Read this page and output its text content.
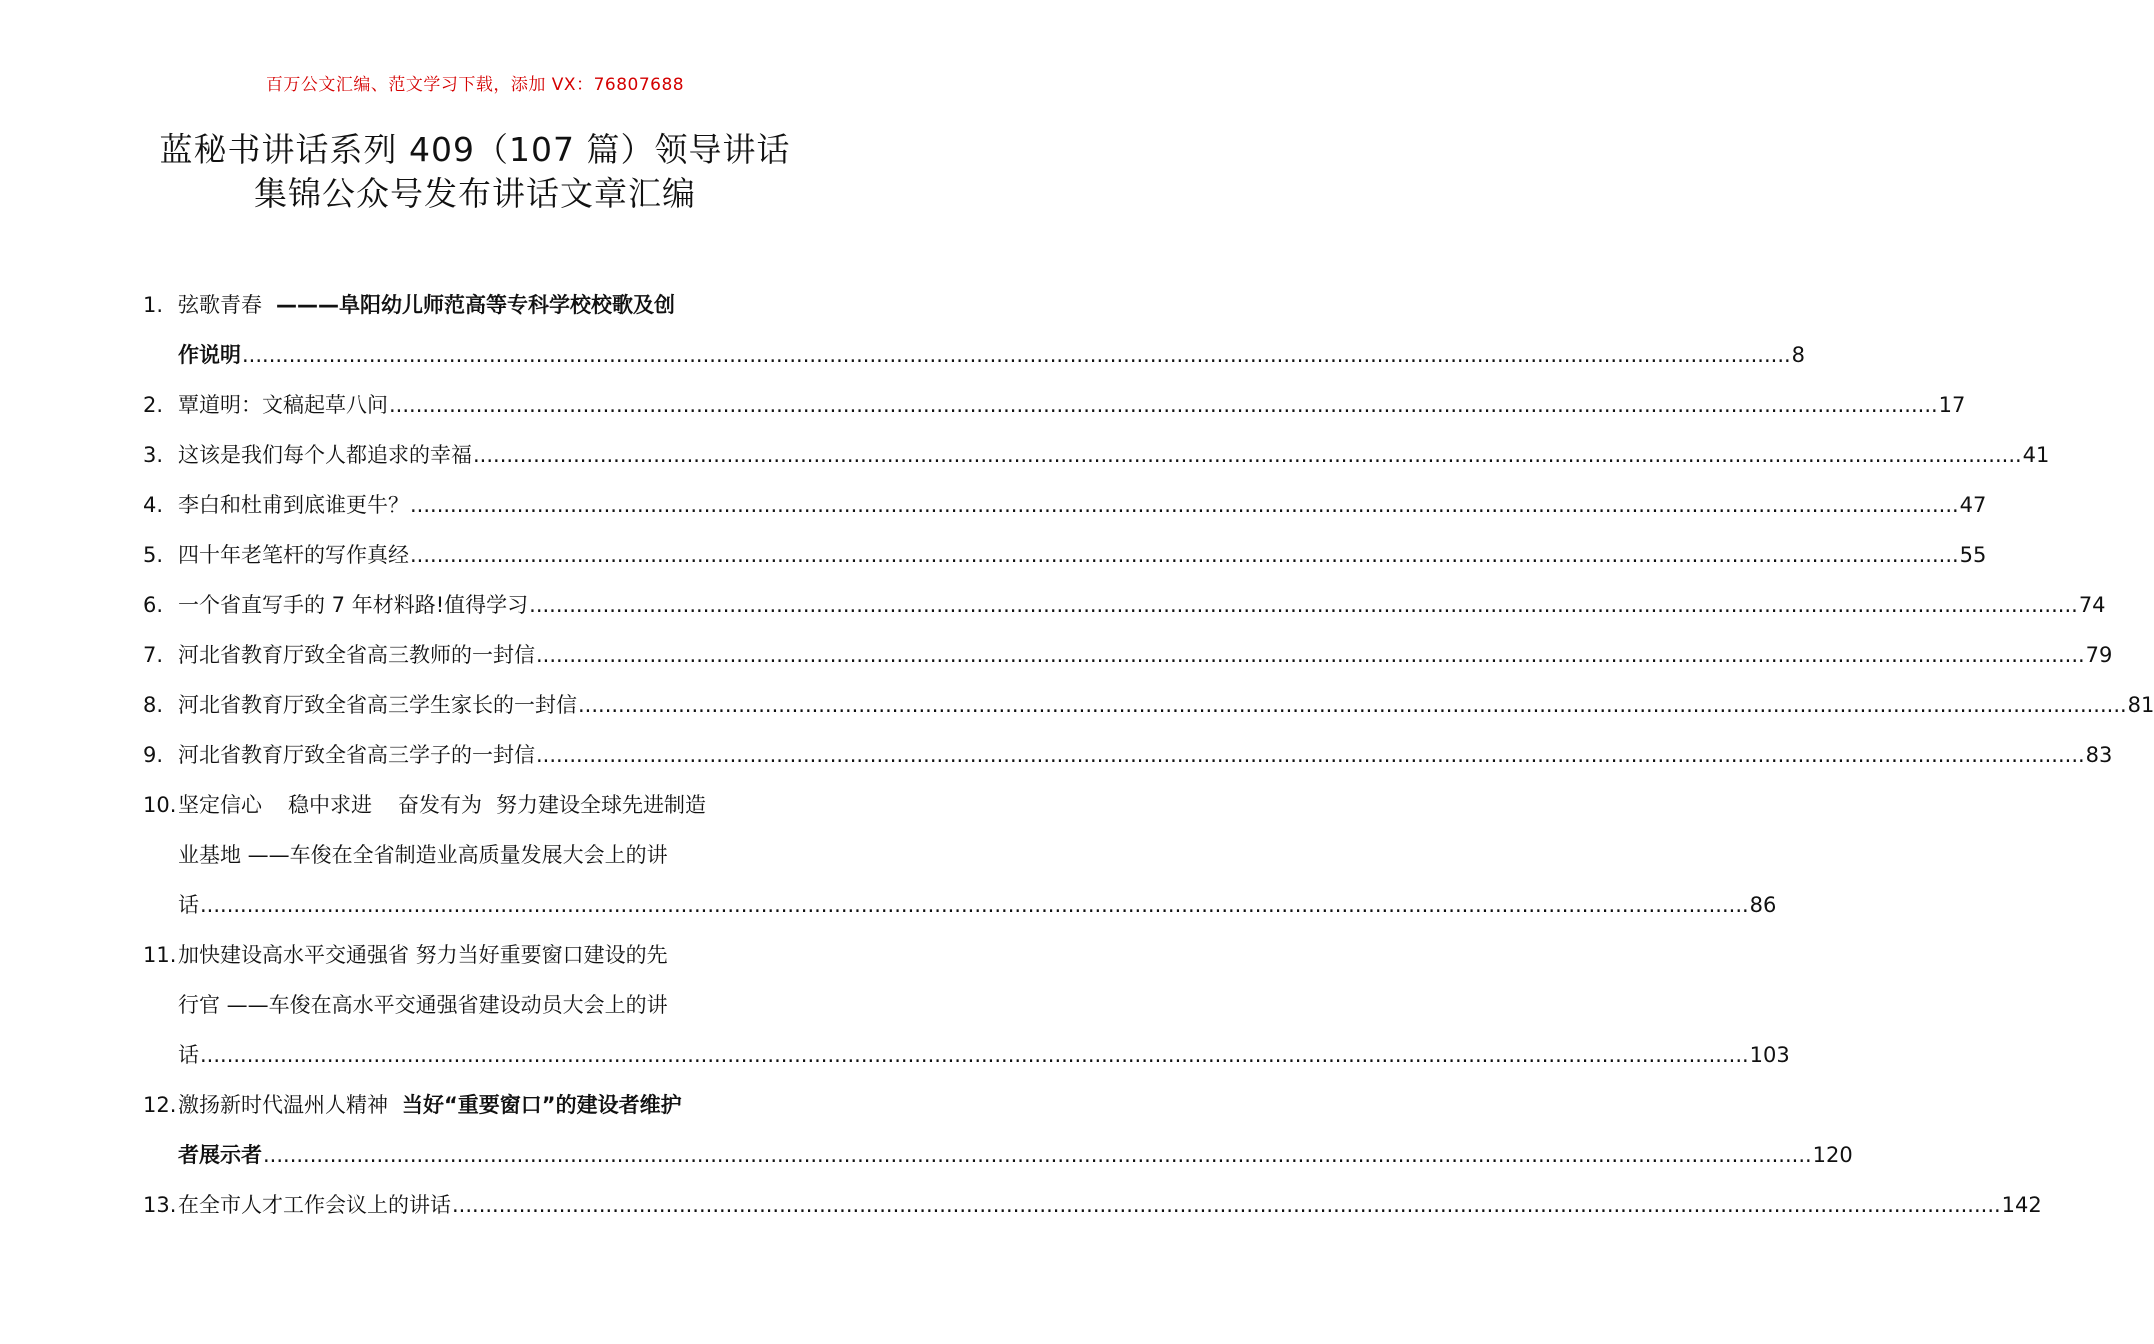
百万公文汇编、范文学习下载，添加 VX：76807688
蓝秘书讲话系列 409（107 篇）领导讲话
集锦公众号发布讲话文章汇编
1. 弦歌青春 ———阜阳幼儿师范高等专科学校校歌及创
作说明 .....	8
2. 覃道明：文稿起草八问 .....	17
3. 这该是我们每个人都追求的幸福 .....	41
4. 李白和杜甫到底谁更牛？ .....	47
5. 四十年老笔杆的写作真经 .....	55
6. 一个省直写手的 7 年材料路!值得学习 .....	74
7. 河北省教育厅致全省高三教师的一封信 .....	79
8. 河北省教育厅致全省高三学生家长的一封信 .....	81
9. 河北省教育厅致全省高三学子的一封信 .....	83
10. 坚定信心 稳中求进 奋发有为 努力建设全球先进制造
业基地 ——车俊在全省制造业高质量发展大会上的讲
话 .....	86
11. 加快建设高水平交通强省 努力当好重要窗口建设的先
行官 ——车俊在高水平交通强省建设动员大会上的讲
话 .....	103
12. 激扬新时代温州人精神 当好“重要窗口”的建设者维护
者展示者 .....	120
13. 在全市人才工作会议上的讲话 .....	142
